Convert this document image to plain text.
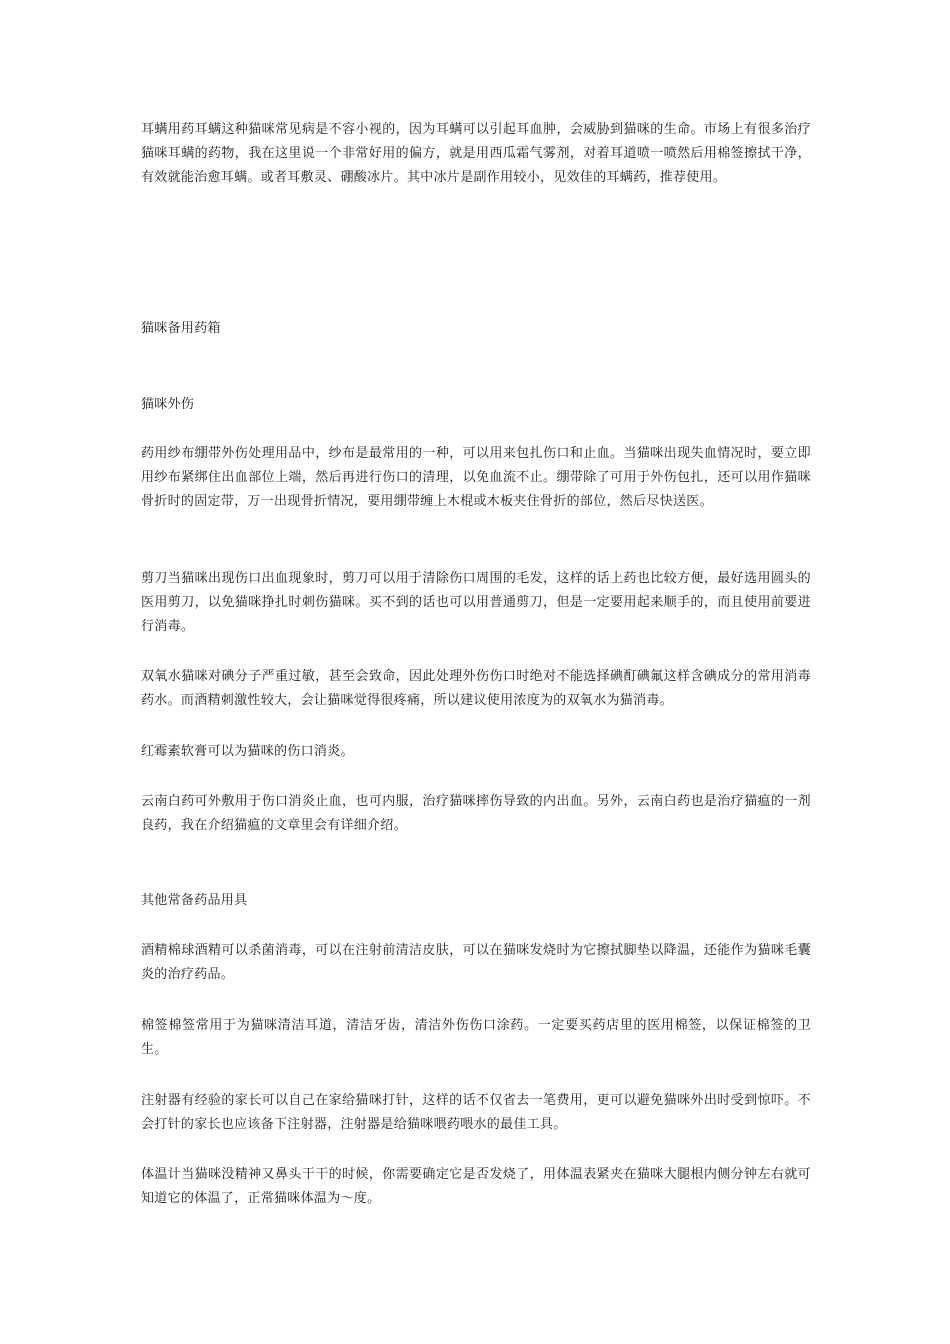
耳螨用药耳螨这种猫咪常见病是不容小视的，因为耳螨可以引起耳血肿，会威胁到猫咪的生命。市场上有很多治疗猫咪耳螨的药物，我在这里说一个非常好用的偏方，就是用西瓜霜气雾剂，对着耳道喷一喷然后用棉签擦拭干净，有效就能治愈耳螨。或者耳敷灵、硼酸冰片。其中冰片是副作用较小，见效佳的耳螨药，推荐使用。

猫咪备用药箱

猫咪外伤

药用纱布绷带外伤处理用品中，纱布是最常用的一种，可以用来包扎伤口和止血。当猫咪出现失血情况时，要立即用纱布紧绑住出血部位上端，然后再进行伤口的清理，以免血流不止。绷带除了可用于外伤包扎，还可以用作猫咪骨折时的固定带，万一出现骨折情况，要用绷带缠上木棍或木板夹住骨折的部位，然后尽快送医。

剪刀当猫咪出现伤口出血现象时，剪刀可以用于清除伤口周围的毛发，这样的话上药也比较方便，最好选用圆头的医用剪刀，以免猫咪挣扎时刺伤猫咪。买不到的话也可以用普通剪刀，但是一定要用起来顺手的，而且使用前要进行消毒。

双氧水猫咪对碘分子严重过敏，甚至会致命，因此处理外伤伤口时绝对不能选择碘酊碘氟这样含碘成分的常用消毒药水。而酒精刺激性较大，会让猫咪觉得很疼痛，所以建议使用浓度为的双氧水为猫消毒。

红霉素软膏可以为猫咪的伤口消炎。

云南白药可外敷用于伤口消炎止血，也可内服，治疗猫咪摔伤导致的内出血。另外，云南白药也是治疗猫瘟的一剂良药，我在介绍猫瘟的文章里会有详细介绍。

其他常备药品用具

酒精棉球酒精可以杀菌消毒，可以在注射前清洁皮肤，可以在猫咪发烧时为它擦拭脚垫以降温，还能作为猫咪毛囊炎的治疗药品。

棉签棉签常用于为猫咪清洁耳道，清洁牙齿，清洁外伤伤口涂药。一定要买药店里的医用棉签，以保证棉签的卫生。

注射器有经验的家长可以自己在家给猫咪打针，这样的话不仅省去一笔费用，更可以避免猫咪外出时受到惊吓。不会打针的家长也应该备下注射器，注射器是给猫咪喂药喂水的最佳工具。

体温计当猫咪没精神又鼻头干干的时候，你需要确定它是否发烧了，用体温表紧夹在猫咪大腿根内侧分钟左右就可知道它的体温了，正常猫咪体温为～度。
